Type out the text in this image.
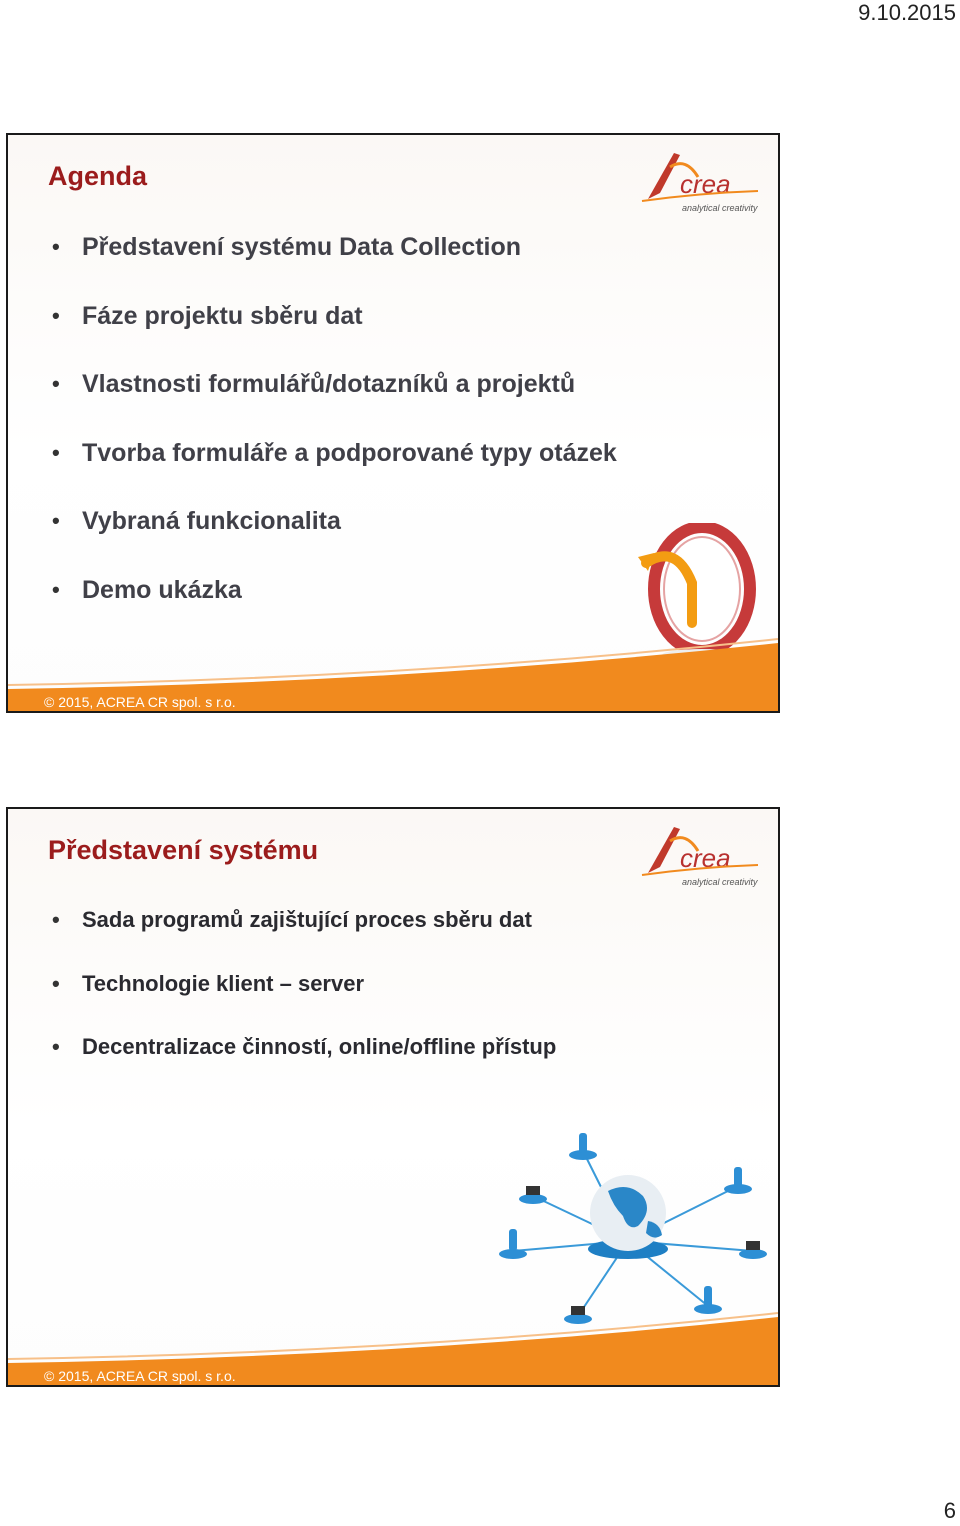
9.10.2015
Agenda	crea
analytical creativity
• Představení systému Data Collection
• Fáze projektu sběru dat
• Vlastnosti formulářů/dotazníků a projektů
• Tvorba formuláře a podporované typy otázek
• Vybraná funkcionalita
• Demo ukázka
© 2015, ACREA CR spol. s r.o.
Představení systému	crea
analytical creativity
• Sada programů zajištující proces sběru dat
• Technologie klient – server
• Decentralizace činností, online/offline přístup
© 2015, ACREA CR spol. s r.o.
6
